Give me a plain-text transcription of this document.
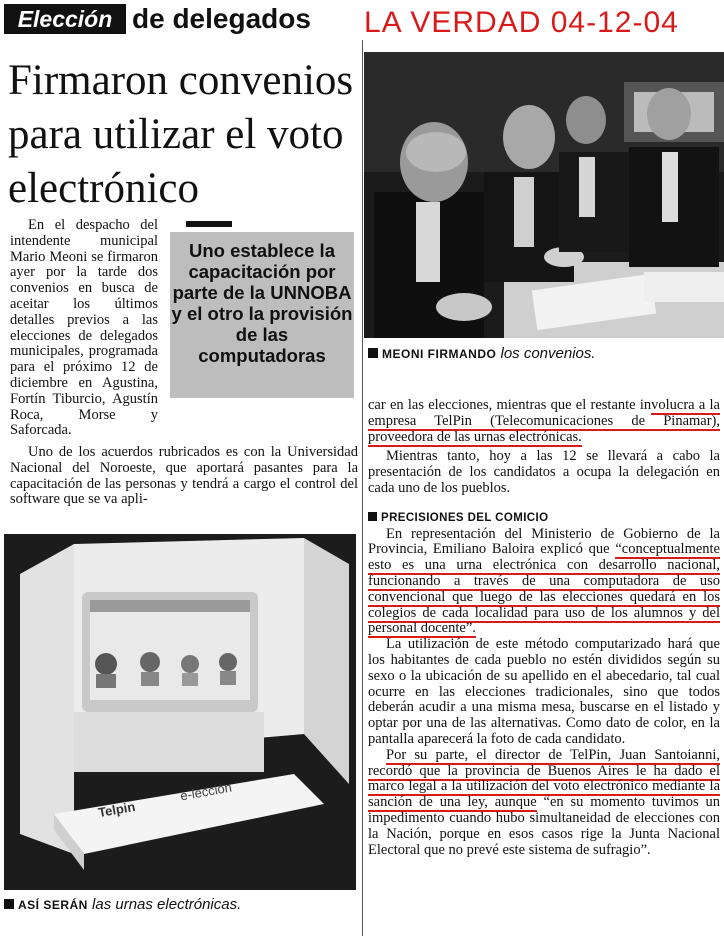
Elección de delegados LA VERDAD 04-12-04
Firmaron convenios para utilizar el voto electrónico

En el despacho del intendente municipal Mario Meoni se firmaron ayer por la tarde dos convenios en busca de aceitar los últimos detalles previos a las elecciones de delegados municipales, programada para el próximo 12 de diciembre en Agustina, Fortín Tiburcio, Agustín Roca, Morse y Saforcada.

Uno establece la capacitación por parte de la UNNOBA y el otro la provisión de las computadoras

Uno de los acuerdos rubricados es con la Universidad Nacional del Noroeste, que aportará pasantes para la capacitación de las personas y tendrá a cargo el control del software que se va apli-

MEONI FIRMANDO los convenios.
Telpin
e-lección
ASÍ SERÁN las urnas electrónicas.

car en las elecciones, mientras que el restante involucra a la empresa TelPin (Telecomunicaciones de Pinamar), proveedora de las urnas electrónicas.

Mientras tanto, hoy a las 12 se llevará a cabo la presentación de los candidatos a ocupa la delegación en cada uno de los pueblos.

PRECISIONES DEL COMICIO

En representación del Ministerio de Gobierno de la Provincia, Emiliano Baloira explicó que “conceptualmente esto es una urna electrónica con desarrollo nacional, funcionando a través de una computadora de uso convencional que luego de las elecciones quedará en los colegios de cada localidad para uso de los alumnos y del personal docente”.

La utilización de este método computarizado hará que los habitantes de cada pueblo no estén divididos según su sexo o la ubicación de su apellido en el abecedario, tal cual ocurre en las elecciones tradicionales, sino que todos deberán acudir a una misma mesa, buscarse en el listado y optar por una de las alternativas. Como dato de color, en la pantalla aparecerá la foto de cada candidato.

Por su parte, el director de TelPin, Juan Santoianni, recordó que la provincia de Buenos Aires le ha dado el marco legal a la utilización del voto electrónico mediante la sanción de una ley, aunque “en su momento tuvimos un impedimento cuando hubo simultaneidad de elecciones con la Nación, porque en esos casos rige la Junta Nacional Electoral que no prevé este sistema de sufragio”.
